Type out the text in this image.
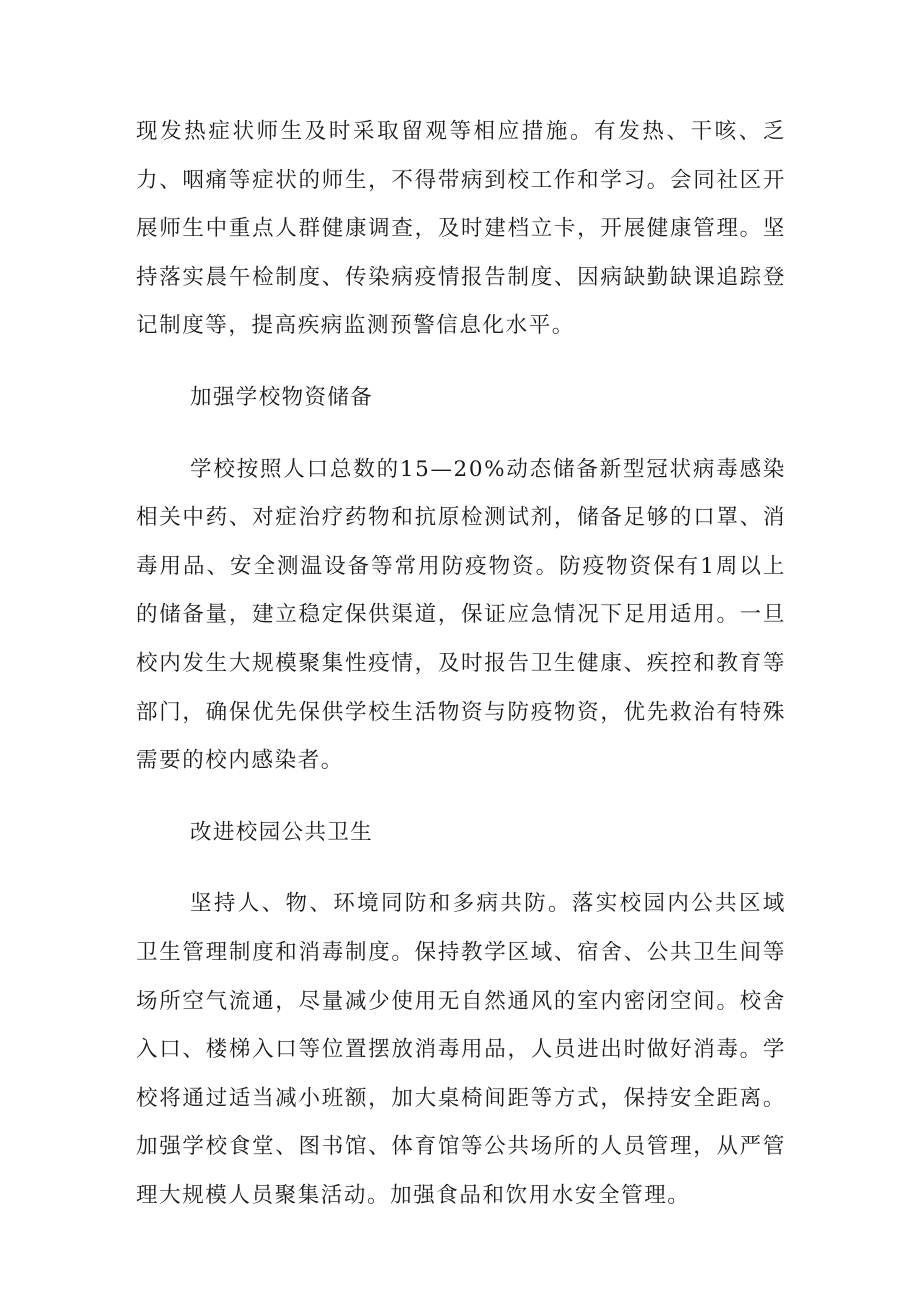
现发热症状师生及时采取留观等相应措施。有发热、干咳、乏力、咽痛等症状的师生，不得带病到校工作和学习。会同社区开展师生中重点人群健康调查，及时建档立卡，开展健康管理。坚持落实晨午检制度、传染病疫情报告制度、因病缺勤缺课追踪登记制度等，提高疾病监测预警信息化水平。

加强学校物资储备

学校按照人口总数的15—20%动态储备新型冠状病毒感染相关中药、对症治疗药物和抗原检测试剂，储备足够的口罩、消毒用品、安全测温设备等常用防疫物资。防疫物资保有1周以上的储备量，建立稳定保供渠道，保证应急情况下足用适用。一旦校内发生大规模聚集性疫情，及时报告卫生健康、疾控和教育等部门，确保优先保供学校生活物资与防疫物资，优先救治有特殊需要的校内感染者。

改进校园公共卫生

坚持人、物、环境同防和多病共防。落实校园内公共区域卫生管理制度和消毒制度。保持教学区域、宿舍、公共卫生间等场所空气流通，尽量减少使用无自然通风的室内密闭空间。校舍入口、楼梯入口等位置摆放消毒用品，人员进出时做好消毒。学校将通过适当减小班额，加大桌椅间距等方式，保持安全距离。加强学校食堂、图书馆、体育馆等公共场所的人员管理，从严管理大规模人员聚集活动。加强食品和饮用水安全管理。
